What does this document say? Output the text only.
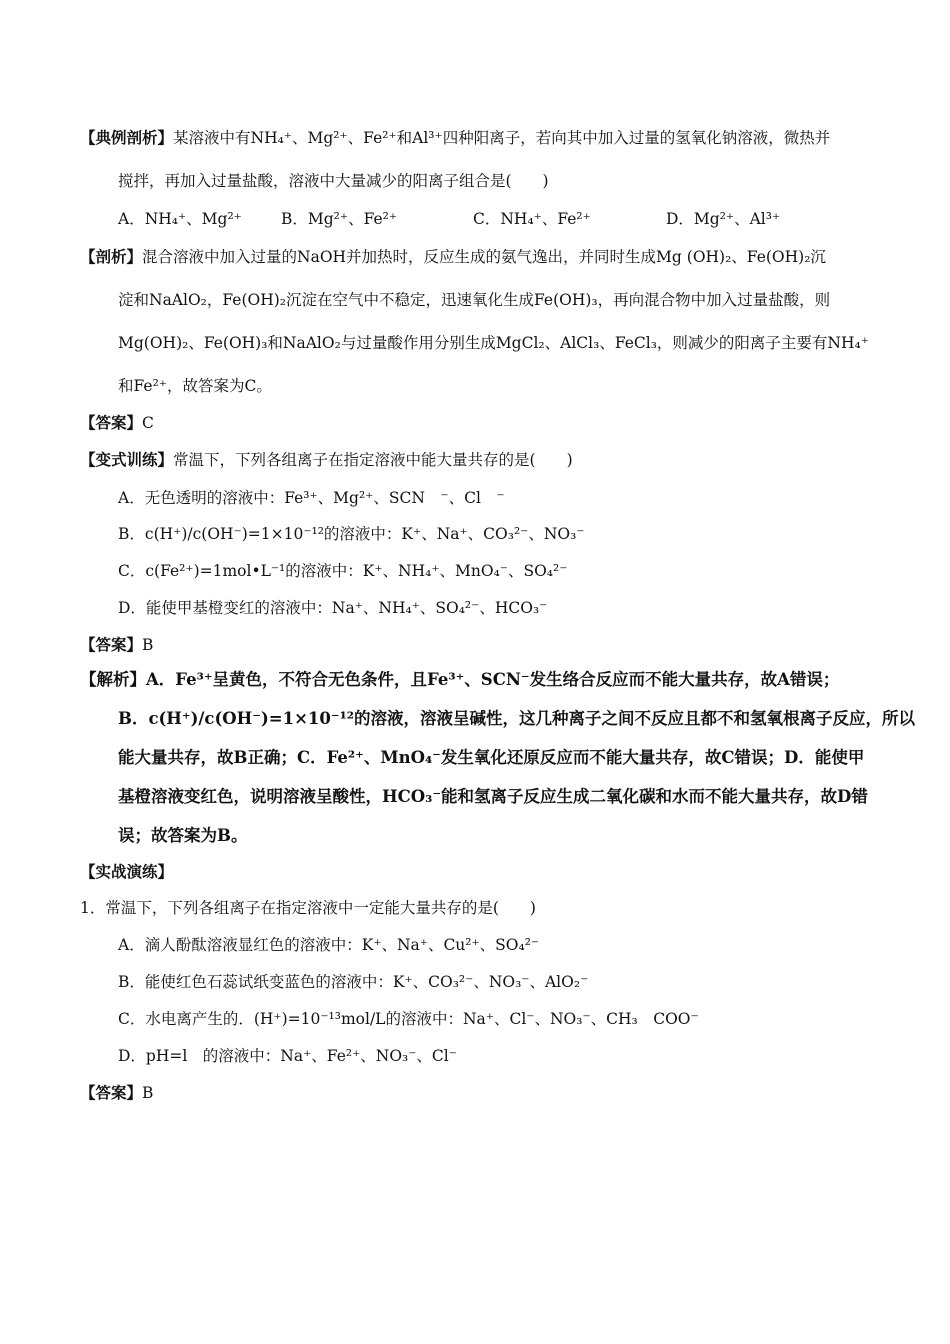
【典例剖析】某溶液中有NH₄⁺、Mg²⁺、Fe²⁺和Al³⁺四种阳离子，若向其中加入过量的氢氧化钠溶液，微热并
搅拌，再加入过量盐酸，溶液中大量减少的阳离子组合是(　　)
A．NH₄⁺、Mg²⁺	B．Mg²⁺、Fe²⁺	C．NH₄⁺、Fe²⁺	D．Mg²⁺、Al³⁺
【剖析】混合溶液中加入过量的NaOH并加热时，反应生成的氨气逸出，并同时生成Mg (OH)₂、Fe(OH)₂沉
淀和NaAlO₂，Fe(OH)₂沉淀在空气中不稳定，迅速氧化生成Fe(OH)₃，再向混合物中加入过量盐酸，则
Mg(OH)₂、Fe(OH)₃和NaAlO₂与过量酸作用分别生成MgCl₂、AlCl₃、FeCl₃，则减少的阳离子主要有NH₄⁺
和Fe²⁺，故答案为C。
【答案】C
【变式训练】常温下，下列各组离子在指定溶液中能大量共存的是(　　)
A．无色透明的溶液中：Fe³⁺、Mg²⁺、SCN　⁻、Cl　⁻
B．c(H⁺)/c(OH⁻)=1×10⁻¹²的溶液中：K⁺、Na⁺、CO₃²⁻、NO₃⁻
C．c(Fe²⁺)=1mol•L⁻¹的溶液中：K⁺、NH₄⁺、MnO₄⁻、SO₄²⁻
D．能使甲基橙变红的溶液中：Na⁺、NH₄⁺、SO₄²⁻、HCO₃⁻
【答案】B
【解析】A．Fe³⁺呈黄色，不符合无色条件，且Fe³⁺、SCN⁻发生络合反应而不能大量共存，故A错误；
B．c(H⁺)/c(OH⁻)=1×10⁻¹²的溶液，溶液呈碱性，这几种离子之间不反应且都不和氢氧根离子反应，所以
能大量共存，故B正确；C．Fe²⁺、MnO₄⁻发生氧化还原反应而不能大量共存，故C错误；D．能使甲
基橙溶液变红色，说明溶液呈酸性，HCO₃⁻能和氢离子反应生成二氧化碳和水而不能大量共存，故D错
误；故答案为B。
【实战演练】
1．常温下，下列各组离子在指定溶液中一定能大量共存的是(　　)
A．滴人酚酞溶液显红色的溶液中：K⁺、Na⁺、Cu²⁺、SO₄²⁻
B．能使红色石蕊试纸变蓝色的溶液中：K⁺、CO₃²⁻、NO₃⁻、AlO₂⁻
C．水电离产生的．(H⁺)=10⁻¹³mol/L的溶液中：Na⁺、Cl⁻、NO₃⁻、CH₃　COO⁻
D．pH=l　的溶液中：Na⁺、Fe²⁺、NO₃⁻、Cl⁻
【答案】B
